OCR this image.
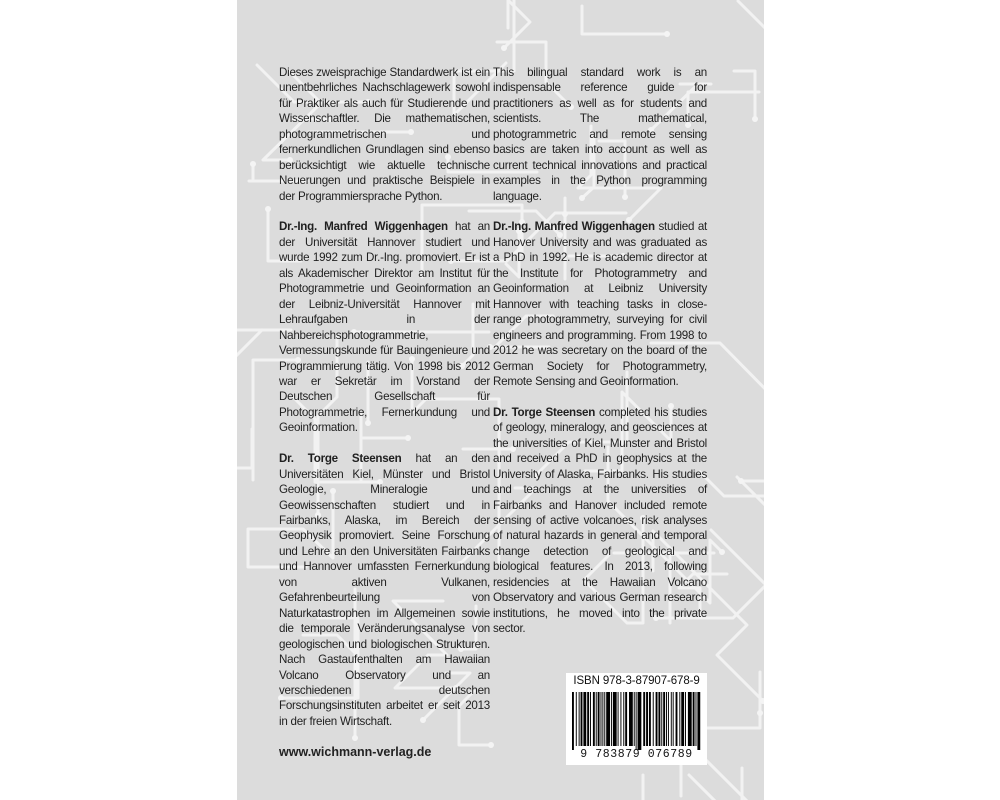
Dieses zweisprachige Standardwerk ist ein unentbehrliches Nachschlagewerk sowohl für Praktiker als auch für Studierende und Wissenschaftler. Die mathematischen, photogrammetrischen und fernerkundlichen Grundlagen sind ebenso berücksichtigt wie aktuelle technische Neuerungen und praktische Beispiele in der Programmiersprache Python.

Dr.-Ing. Manfred Wiggenhagen hat an der Universität Hannover studiert und wurde 1992 zum Dr.-Ing. promoviert. Er ist als Akademischer Direktor am Institut für Photogrammetrie und Geoinformation an der Leibniz-Universität Hannover mit Lehraufgaben in der Nahbereichsphotogrammetrie, Vermessungskunde für Bauingenieure und Programmierung tätig. Von 1998 bis 2012 war er Sekretär im Vorstand der Deutschen Gesellschaft für Photogrammetrie, Fernerkundung und Geoinformation.

Dr. Torge Steensen hat an den Universitäten Kiel, Münster und Bristol Geologie, Mineralogie und Geowissenschaften studiert und in Fairbanks, Alaska, im Bereich der Geophysik promoviert. Seine Forschung und Lehre an den Universitäten Fairbanks und Hannover umfassten Fernerkundung von aktiven Vulkanen, Gefahrenbeurteilung von Naturkatastrophen im Allgemeinen sowie die temporale Veränderungsanalyse von geologischen und biologischen Strukturen. Nach Gastaufenthalten am Hawaiian Volcano Observatory und an verschiedenen deutschen Forschungsinstituten arbeitet er seit 2013 in der freien Wirtschaft.

This bilingual standard work is an indispensable reference guide for practitioners as well as for students and scientists. The mathematical, photogrammetric and remote sensing basics are taken into account as well as current technical innovations and practical examples in the Python programming language.

Dr.-Ing. Manfred Wiggenhagen studied at Hanover University and was graduated as a PhD in 1992. He is academic director at the Institute for Photogrammetry and Geoinformation at Leibniz University Hannover with teaching tasks in close-range photogrammetry, surveying for civil engineers and programming. From 1998 to 2012 he was secretary on the board of the German Society for Photogrammetry, Remote Sensing and Geoinformation.

Dr. Torge Steensen completed his studies of geology, mineralogy, and geosciences at the universities of Kiel, Munster and Bristol and received a PhD in geophysics at the University of Alaska, Fairbanks. His studies and teachings at the universities of Fairbanks and Hanover included remote sensing of active volcanoes, risk analyses of natural hazards in general and temporal change detection of geological and biological features. In 2013, following residencies at the Hawaiian Volcano Observatory and various German research institutions, he moved into the private sector.

ISBN 978-3-87907-678-9
9 783879 076789
www.wichmann-verlag.de
